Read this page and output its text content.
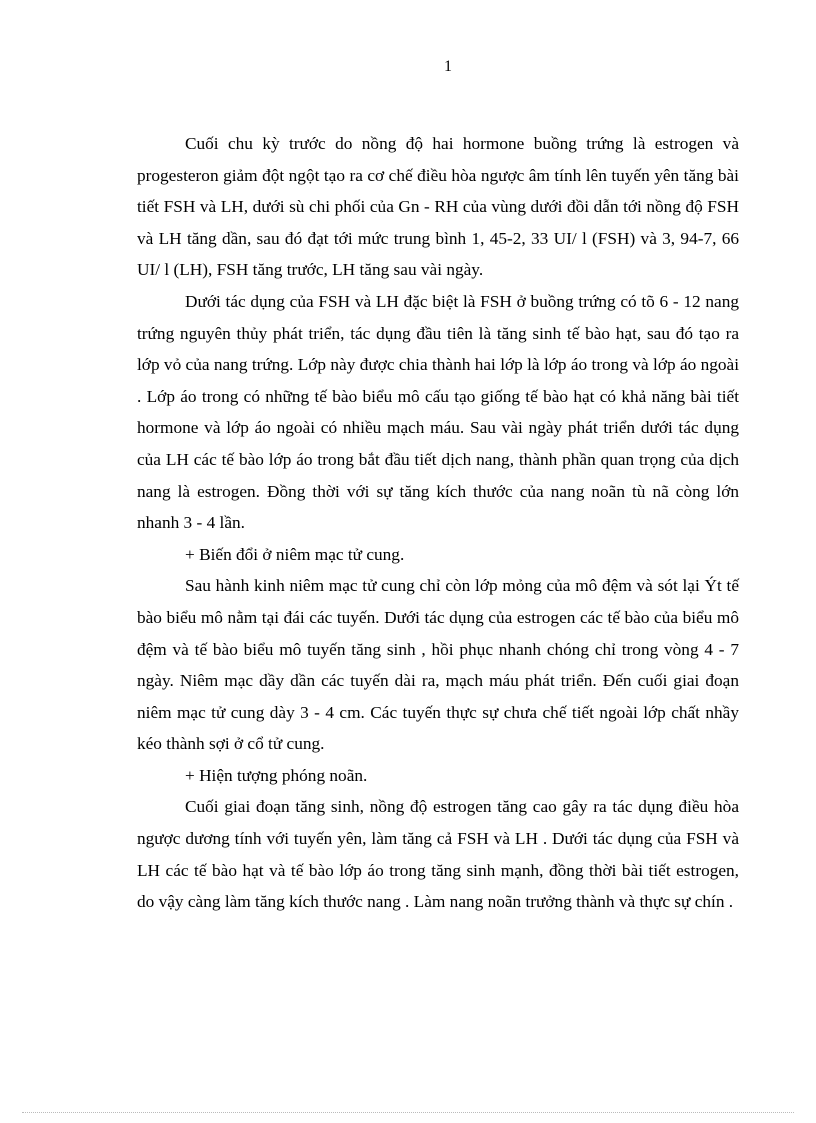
1

Cuối chu kỳ trước do nồng độ hai hormone buồng trứng là estrogen và progesteron giảm đột ngột tạo ra cơ chế điều hòa ngược âm tính lên tuyến yên tăng bài tiết FSH và LH, dưới sù chi phối của Gn - RH của vùng dưới đồi dẫn tới nồng độ FSH và LH tăng dần, sau đó đạt tới mức trung bình 1, 45-2, 33 UI/ l (FSH) và 3, 94-7, 66 UI/ l (LH), FSH tăng trước, LH tăng sau vài ngày.

Dưới tác dụng của FSH và LH đặc biệt là FSH ở buồng trứng có tõ 6 - 12 nang trứng nguyên thủy phát triển, tác dụng đầu tiên là tăng sinh tế bào hạt, sau đó tạo ra lớp vỏ của nang trứng. Lớp này được chia thành hai lớp là lớp áo trong và lớp áo ngoài . Lớp áo trong có những tế bào biểu mô cấu tạo giống tế bào hạt có khả năng bài tiết hormone và lớp áo ngoài có nhiều mạch máu. Sau vài ngày phát triển dưới tác dụng của LH các tế bào lớp áo trong bắt đầu tiết dịch nang, thành phần quan trọng của dịch nang là estrogen. Đồng thời với sự tăng kích thước của nang noãn tù nã còng lớn nhanh 3 - 4 lần.

+ Biến đổi ở niêm mạc tử cung.

Sau hành kinh niêm mạc tử cung chỉ còn lớp mỏng của mô đệm và sót lại Ýt tế bào biểu mô nằm tại đái các tuyến. Dưới tác dụng của estrogen các tế bào của biểu mô đệm và tế bào biểu mô tuyến tăng sinh , hồi phục nhanh chóng chỉ trong vòng 4 - 7 ngày. Niêm mạc dầy dần các tuyến dài ra, mạch máu phát triển. Đến cuối giai đoạn niêm mạc tử cung dày 3 - 4 cm. Các tuyến thực sự chưa chế tiết ngoài lớp chất nhầy kéo thành sợi ở cổ tử cung.

+ Hiện tượng phóng noãn.

Cuối giai đoạn tăng sinh, nồng độ estrogen tăng cao gây ra tác dụng điều hòa ngược dương tính với tuyến yên, làm tăng cả FSH và LH . Dưới tác dụng của FSH và LH các tế bào hạt và tế bào lớp áo trong tăng sinh mạnh, đồng thời bài tiết estrogen, do vậy càng làm tăng kích thước nang . Làm nang noãn trưởng thành và thực sự chín .
